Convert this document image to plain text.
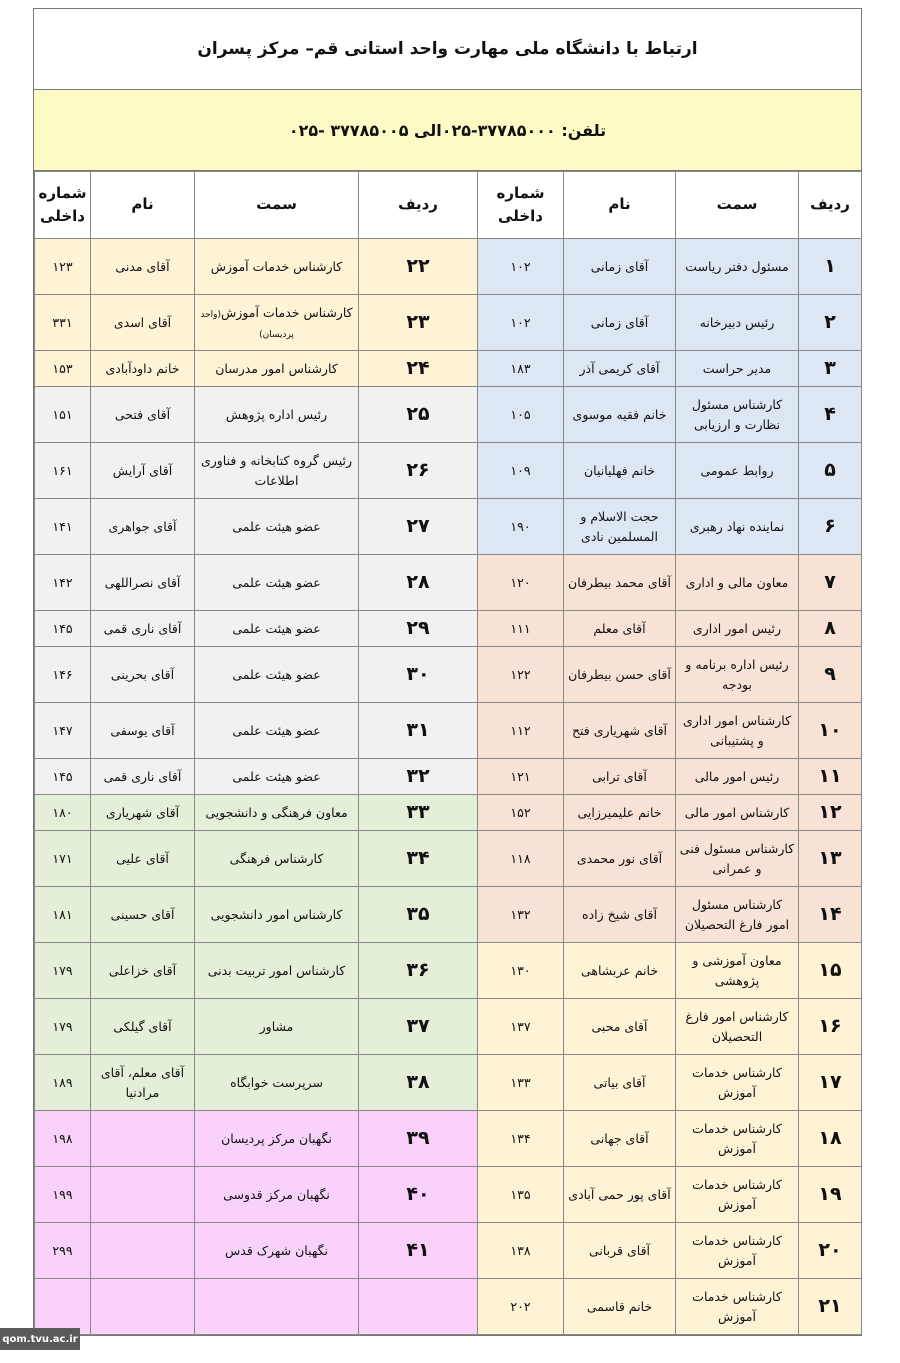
ارتباط با دانشگاه ملی مهارت واحد استانی قم– مرکز پسران
تلفن: ۳۷۷۸۵۰۰۰-۰۲۵الی ۳۷۷۸۵۰۰۵ -۰۲۵
ردیف	سمت	نام	شماره داخلی	ردیف	سمت	نام	شماره داخلی
۱	مسئول دفتر ریاست	آقای زمانی	۱۰۲	۲۲	کارشناس خدمات آموزش	آقای مدنی	۱۲۳
۲	رئیس دبیرخانه	آقای زمانی	۱۰۲	۲۳	کارشناس خدمات آموزش(واحد پردیسان)	آقای اسدی	۳۳۱
۳	مدیر حراست	آقای کریمی آذر	۱۸۳	۲۴	کارشناس امور مدرسان	خانم داودآبادی	۱۵۳
۴	کارشناس مسئول نظارت و ارزیابی	خانم فقیه موسوی	۱۰۵	۲۵	رئیس اداره پژوهش	آقای فتحی	۱۵۱
۵	روابط عمومی	خانم فهلیانیان	۱۰۹	۲۶	رئیس گروه کتابخانه و فناوری اطلاعات	آقای آرایش	۱۶۱
۶	نماینده نهاد رهبری	حجت الاسلام و المسلمین نادی	۱۹۰	۲۷	عضو هیئت علمی	آقای جواهری	۱۴۱
۷	معاون مالی و اداری	آقای محمد بیطرفان	۱۲۰	۲۸	عضو هیئت علمی	آقای نصراللهی	۱۴۲
۸	رئیس امور اداری	آقای معلم	۱۱۱	۲۹	عضو هیئت علمی	آقای ناری قمی	۱۴۵
۹	رئیس اداره برنامه و بودجه	آقای حسن بیطرفان	۱۲۲	۳۰	عضو هیئت علمی	آقای بحرینی	۱۴۶
۱۰	کارشناس امور اداری و پشتیبانی	آقای شهریاری فتح	۱۱۲	۳۱	عضو هیئت علمی	آقای یوسفی	۱۴۷
۱۱	رئیس امور مالی	آقای ترابی	۱۲۱	۳۲	عضو هیئت علمی	آقای ناری قمی	۱۴۵
۱۲	کارشناس امور مالی	خانم علیمیرزایی	۱۵۲	۳۳	معاون فرهنگی و دانشجویی	آقای شهریاری	۱۸۰
۱۳	کارشناس مسئول فنی و عمرانی	آقای نور محمدی	۱۱۸	۳۴	کارشناس فرهنگی	آقای علیی	۱۷۱
۱۴	کارشناس مسئول امور فارغ التحصیلان	آقای شیخ زاده	۱۳۲	۳۵	کارشناس امور دانشجویی	آقای حسینی	۱۸۱
۱۵	معاون آموزشی و پژوهشی	خانم عربشاهی	۱۳۰	۳۶	کارشناس امور تربیت بدنی	آقای خزاعلی	۱۷۹
۱۶	کارشناس امور فارغ التحصیلان	آقای محبی	۱۳۷	۳۷	مشاور	آقای گیلکی	۱۷۹
۱۷	کارشناس خدمات آموزش	آقای بیاتی	۱۳۳	۳۸	سرپرست خوابگاه	آقای معلم، آقای مرادنیا	۱۸۹
۱۸	کارشناس خدمات آموزش	آقای جهانی	۱۳۴	۳۹	نگهبان مرکز پردیسان		۱۹۸
۱۹	کارشناس خدمات آموزش	آقای پور حمی آبادی	۱۳۵	۴۰	نگهبان مرکز قدوسی		۱۹۹
۲۰	کارشناس خدمات آموزش	آقای قربانی	۱۳۸	۴۱	نگهبان شهرک قدس		۲۹۹
۲۱	کارشناس خدمات آموزش	خانم قاسمی	۲۰۲				
qom.tvu.ac.ir
